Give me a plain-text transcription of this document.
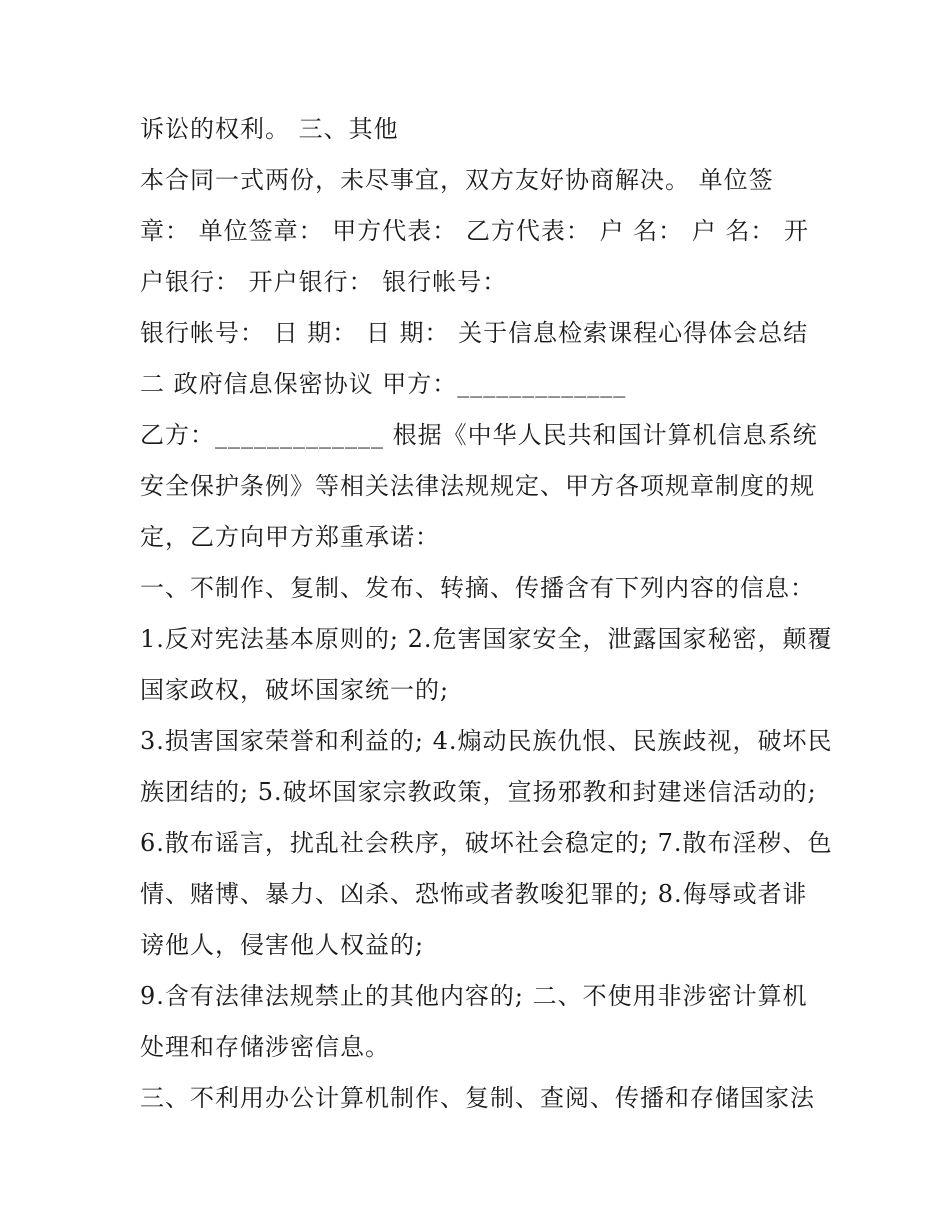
诉讼的权利。 三、其他
本合同一式两份，未尽事宜，双方友好协商解决。 单位签
章： 单位签章： 甲方代表： 乙方代表： 户 名： 户 名： 开
户银行： 开户银行： 银行帐号：
银行帐号： 日 期： 日 期： 关于信息检索课程心得体会总结
二 政府信息保密协议 甲方：_____________
乙方：_____________ 根据《中华人民共和国计算机信息系统
安全保护条例》等相关法律法规规定、甲方各项规章制度的规
定，乙方向甲方郑重承诺：
一、不制作、复制、发布、转摘、传播含有下列内容的信息：
1.反对宪法基本原则的; 2.危害国家安全，泄露国家秘密，颠覆
国家政权，破坏国家统一的;
3.损害国家荣誉和利益的; 4.煽动民族仇恨、民族歧视，破坏民
族团结的; 5.破坏国家宗教政策，宣扬邪教和封建迷信活动的;
6.散布谣言，扰乱社会秩序，破坏社会稳定的; 7.散布淫秽、色
情、赌博、暴力、凶杀、恐怖或者教唆犯罪的; 8.侮辱或者诽
谤他人，侵害他人权益的;
9.含有法律法规禁止的其他内容的; 二、不使用非涉密计算机
处理和存储涉密信息。
三、不利用办公计算机制作、复制、查阅、传播和存储国家法
